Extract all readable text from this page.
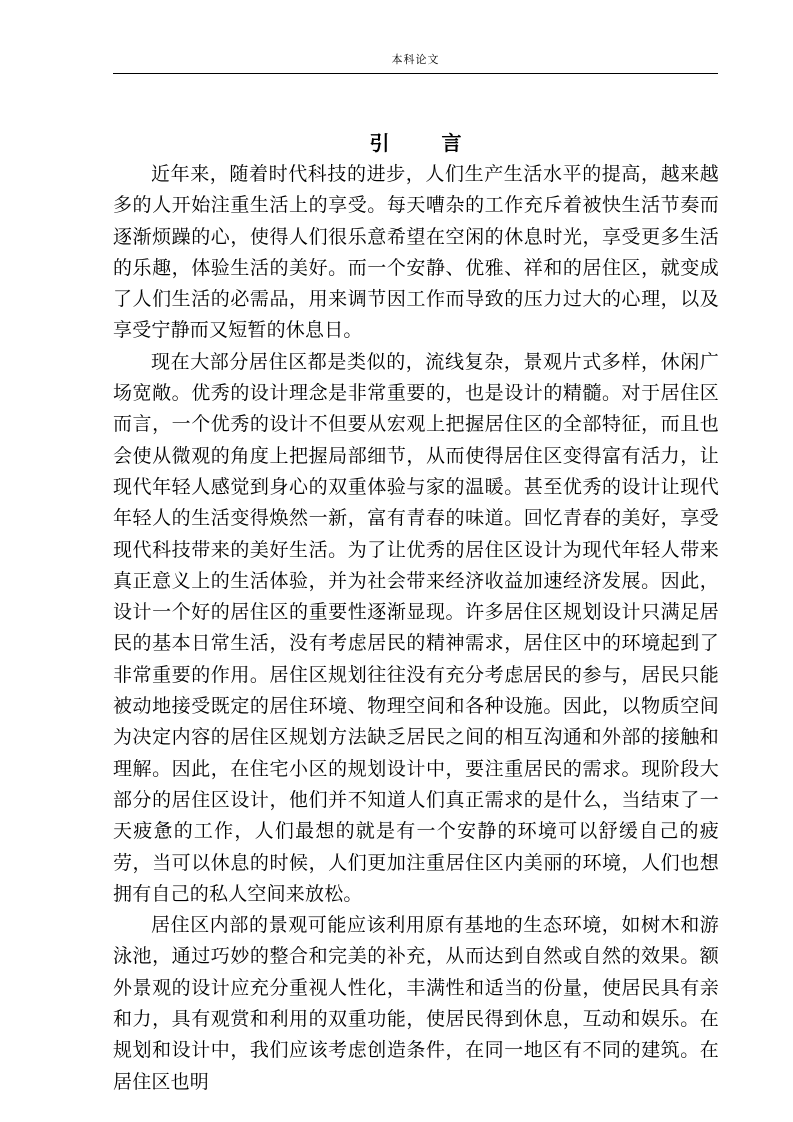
本科论文
引	言

近年来，随着时代科技的进步，人们生产生活水平的提高，越来越多的人开始注重生活上的享受。每天嘈杂的工作充斥着被快生活节奏而逐渐烦躁的心，使得人们很乐意希望在空闲的休息时光，享受更多生活的乐趣，体验生活的美好。而一个安静、优雅、祥和的居住区，就变成了人们生活的必需品，用来调节因工作而导致的压力过大的心理，以及享受宁静而又短暂的休息日。

现在大部分居住区都是类似的，流线复杂，景观片式多样，休闲广场宽敞。优秀的设计理念是非常重要的，也是设计的精髓。对于居住区而言，一个优秀的设计不但要从宏观上把握居住区的全部特征，而且也会使从微观的角度上把握局部细节，从而使得居住区变得富有活力，让现代年轻人感觉到身心的双重体验与家的温暖。甚至优秀的设计让现代年轻人的生活变得焕然一新，富有青春的味道。回忆青春的美好，享受现代科技带来的美好生活。为了让优秀的居住区设计为现代年轻人带来真正意义上的生活体验，并为社会带来经济收益加速经济发展。因此，设计一个好的居住区的重要性逐渐显现。许多居住区规划设计只满足居民的基本日常生活，没有考虑居民的精神需求，居住区中的环境起到了非常重要的作用。居住区规划往往没有充分考虑居民的参与，居民只能被动地接受既定的居住环境、物理空间和各种设施。因此，以物质空间为决定内容的居住区规划方法缺乏居民之间的相互沟通和外部的接触和理解。因此，在住宅小区的规划设计中，要注重居民的需求。现阶段大部分的居住区设计，他们并不知道人们真正需求的是什么，当结束了一天疲惫的工作，人们最想的就是有一个安静的环境可以舒缓自己的疲劳，当可以休息的时候，人们更加注重居住区内美丽的环境，人们也想拥有自己的私人空间来放松。

居住区内部的景观可能应该利用原有基地的生态环境，如树木和游泳池，通过巧妙的整合和完美的补充，从而达到自然或自然的效果。额外景观的设计应充分重视人性化，丰满性和适当的份量，使居民具有亲和力，具有观赏和利用的双重功能，使居民得到休息，互动和娱乐。在规划和设计中，我们应该考虑创造条件，在同一地区有不同的建筑。在居住区也明
